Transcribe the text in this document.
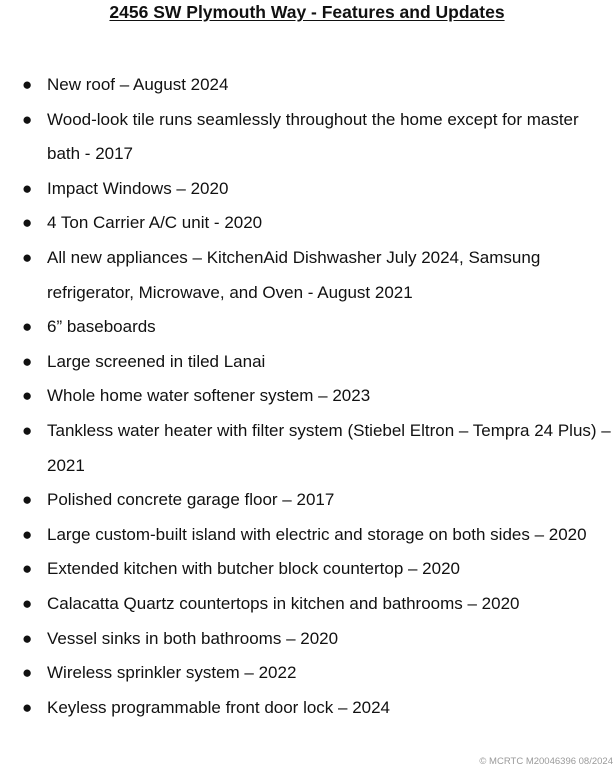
2456 SW Plymouth Way - Features and Updates
● New roof – August 2024
● Wood-look tile runs seamlessly throughout the home except for master bath - 2017
● Impact Windows – 2020
● 4 Ton Carrier A/C unit - 2020
● All new appliances – KitchenAid Dishwasher July 2024, Samsung refrigerator, Microwave, and Oven - August 2021
● 6” baseboards
● Large screened in tiled Lanai
● Whole home water softener system – 2023
● Tankless water heater with filter system (Stiebel Eltron – Tempra 24 Plus) – 2021
● Polished concrete garage floor – 2017
● Large custom-built island with electric and storage on both sides – 2020
● Extended kitchen with butcher block countertop – 2020
● Calacatta Quartz countertops in kitchen and bathrooms – 2020
● Vessel sinks in both bathrooms – 2020
● Wireless sprinkler system – 2022
● Keyless programmable front door lock – 2024
© MCRTC M20046396 08/2024
